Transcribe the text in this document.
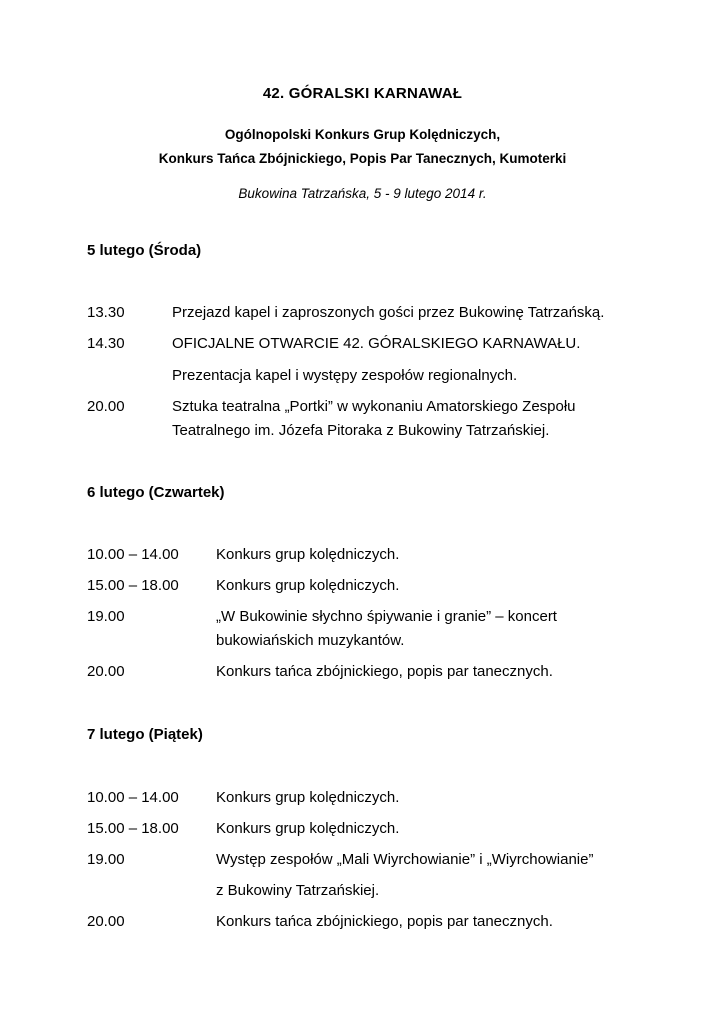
42. GÓRALSKI KARNAWAŁ
Ogólnopolski Konkurs Grup Kolędniczych,
Konkurs Tańca Zbójnickiego, Popis Par Tanecznych, Kumoterki
Bukowina Tatrzańska, 5 - 9 lutego 2014 r.
5 lutego (Środa)
13.30	Przejazd kapel i zaproszonych gości przez Bukowinę Tatrzańską.
14.30	OFICJALNE OTWARCIE 42. GÓRALSKIEGO KARNAWAŁU.
Prezentacja kapel i występy zespołów regionalnych.
20.00	Sztuka teatralna „Portki” w wykonaniu Amatorskiego Zespołu
Teatralnego im. Józefa Pitoraka z Bukowiny Tatrzańskiej.
6 lutego (Czwartek)
10.00 – 14.00 Konkurs grup kolędniczych.
15.00 – 18.00 Konkurs grup kolędniczych.
19.00	„W Bukowinie słychno śpiywanie i granie” – koncert
bukowiańskich muzykantów.
20.00	Konkurs tańca zbójnickiego, popis par tanecznych.
7 lutego (Piątek)
10.00 – 14.00 Konkurs grup kolędniczych.
15.00 – 18.00 Konkurs grup kolędniczych.
19.00	Występ zespołów „Mali Wiyrchowianie” i „Wiyrchowianie”
z Bukowiny Tatrzańskiej.
20.00	Konkurs tańca zbójnickiego, popis par tanecznych.
